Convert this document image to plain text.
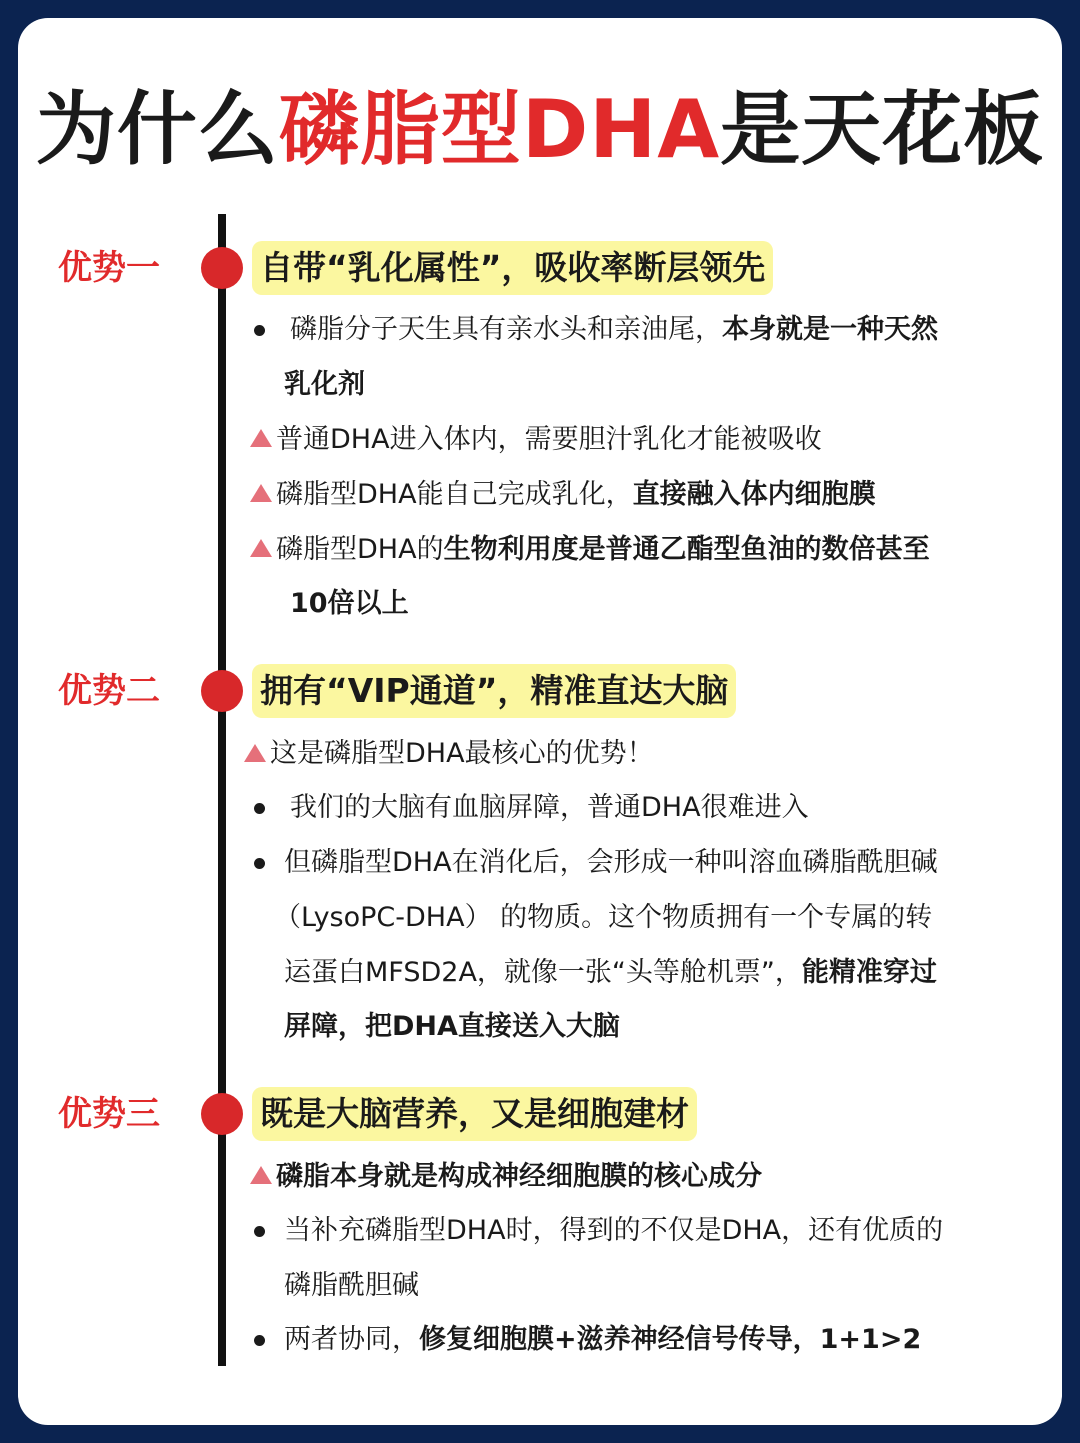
为什么磷脂型DHA是天花板
优势一	自带“乳化属性”，吸收率断层领先
磷脂分子天生具有亲水头和亲油尾，本身就是一种天然
乳化剂
普通DHA进入体内，需要胆汁乳化才能被吸收
磷脂型DHA能自己完成乳化，直接融入体内细胞膜
磷脂型DHA的生物利用度是普通乙酯型鱼油的数倍甚至
10倍以上
优势二	拥有“VIP通道”，精准直达大脑
这是磷脂型DHA最核心的优势！
我们的大脑有血脑屏障，普通DHA很难进入
但磷脂型DHA在消化后，会形成一种叫溶血磷脂酰胆碱
（LysoPC-DHA） 的物质。这个物质拥有一个专属的转
运蛋白MFSD2A，就像一张“头等舱机票”，能精准穿过
屏障，把DHA直接送入大脑
优势三	既是大脑营养，又是细胞建材
磷脂本身就是构成神经细胞膜的核心成分
当补充磷脂型DHA时，得到的不仅是DHA，还有优质的
磷脂酰胆碱
两者协同，修复细胞膜+滋养神经信号传导，1+1>2
